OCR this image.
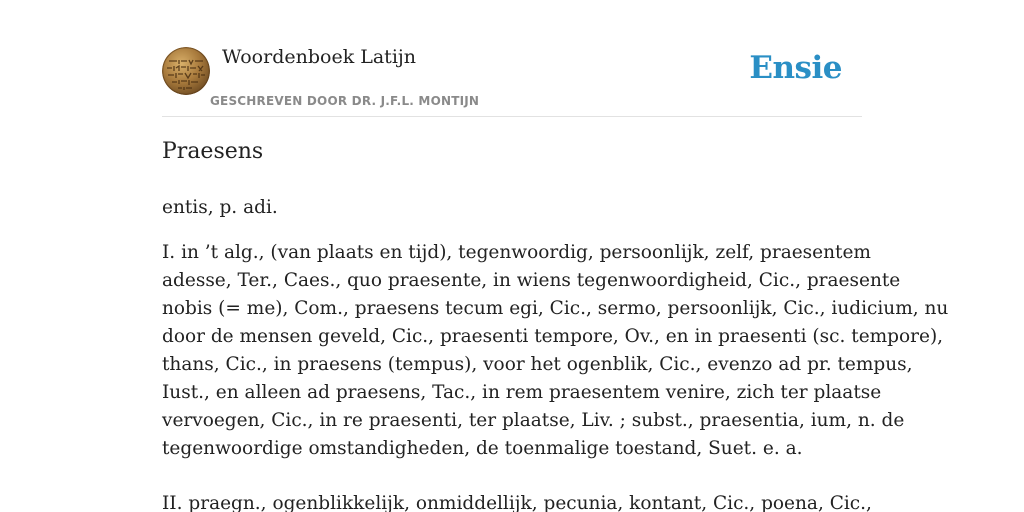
Woordenboek Latijn
GESCHREVEN DOOR DR. J.F.L. MONTIJN
Ensie
Praesens

entis, p. adi.

I. in ’t alg., (van plaats en tijd), tegenwoordig, persoonlijk, zelf, praesentem
adesse, Ter., Caes., quo praesente, in wiens tegenwoordigheid, Cic., praesente
nobis (= me), Com., praesens tecum egi, Cic., sermo, persoonlijk, Cic., iudicium, nu
door de mensen geveld, Cic., praesenti tempore, Ov., en in praesenti (sc. tempore),
thans, Cic., in praesens (tempus), voor het ogenblik, Cic., evenzo ad pr. tempus,
Iust., en alleen ad praesens, Tac., in rem praesentem venire, zich ter plaatse
vervoegen, Cic., in re praesenti, ter plaatse, Liv. ; subst., praesentia, ium, n. de
tegenwoordige omstandigheden, de toenmalige toestand, Suet. e. a.

II. praegn., ogenblikkelijk, onmiddellijk, pecunia, kontant, Cic., poena, Cic.,
